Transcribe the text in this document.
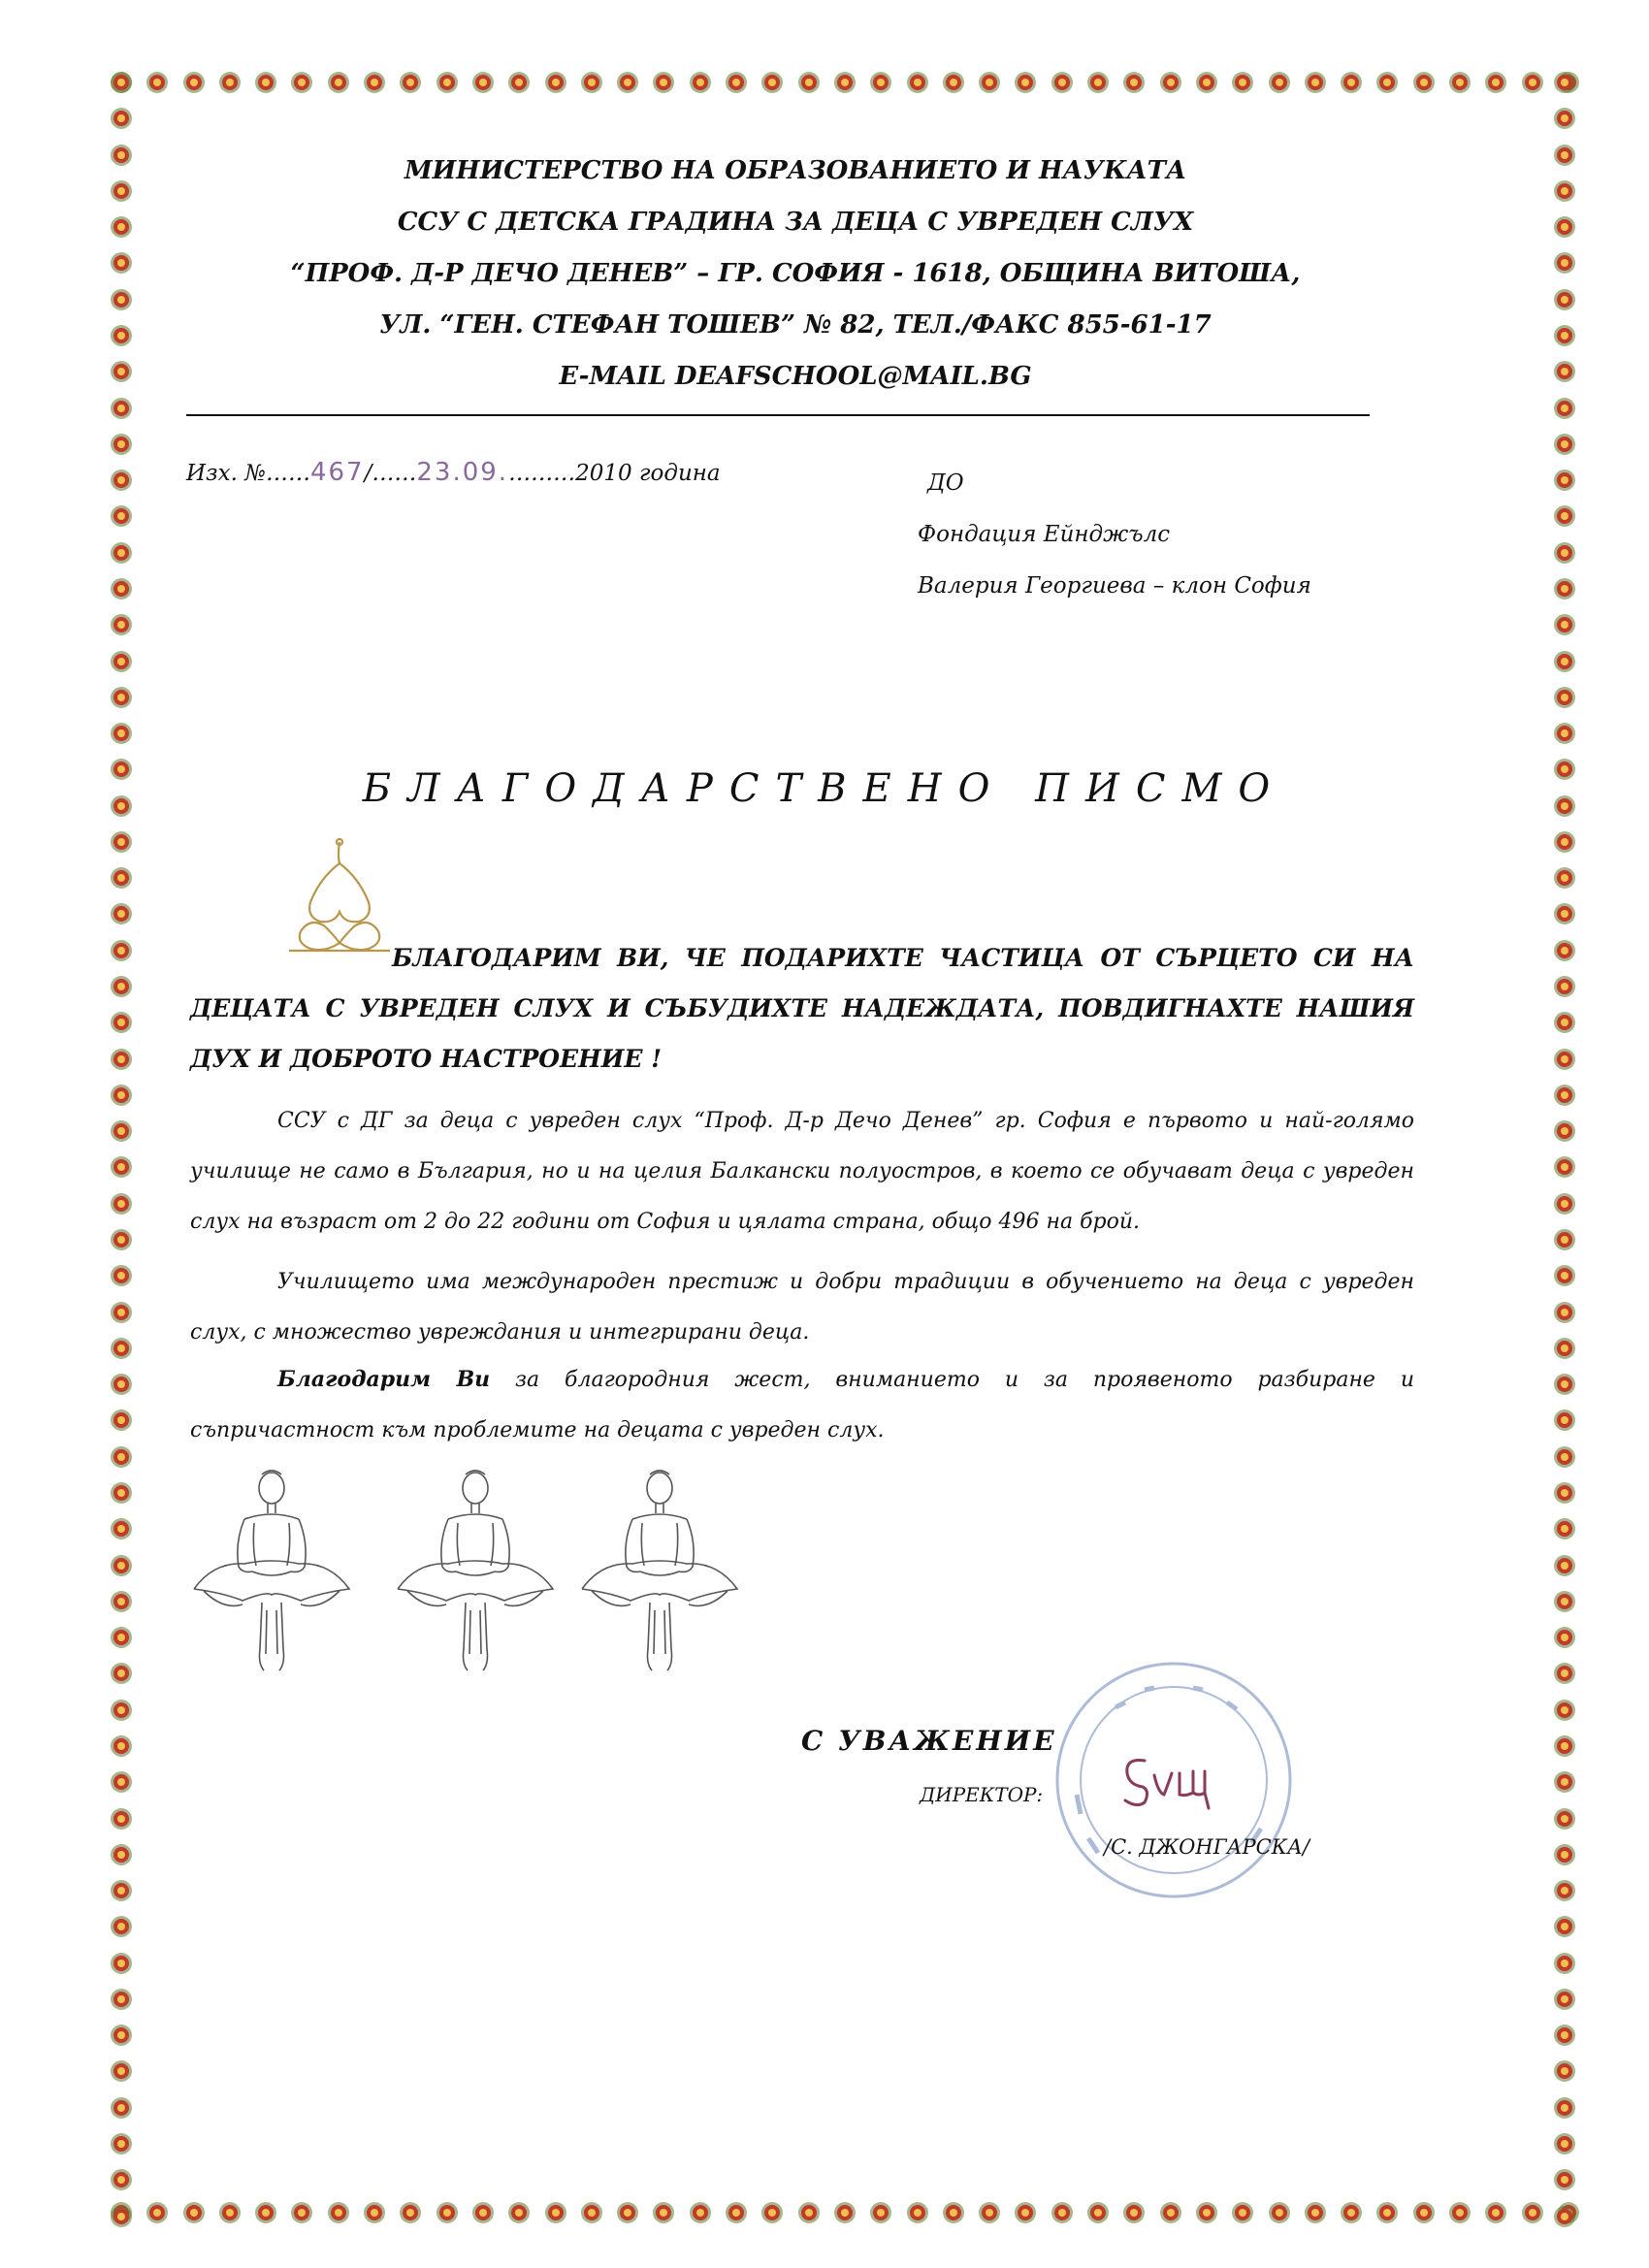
МИНИСТЕРСТВО НА ОБРАЗОВАНИЕТО И НАУКАТА
ССУ С ДЕТСКА ГРАДИНА ЗА ДЕЦА С УВРЕДЕН СЛУХ
“ПРОФ. Д-Р ДЕЧО ДЕНЕВ” – ГР. СОФИЯ - 1618, ОБЩИНА ВИТОША,
УЛ. “ГЕН. СТЕФАН ТОШЕВ” № 82, ТЕЛ./ФАКС 855-61-17
E-MAIL DEAFSCHOOL@MAIL.BG
Изх. №……467/……23.09.………2010 година	ДО
Фондация Ейнджълс
Валерия Георгиева – клон София
БЛАГОДАРСТВЕНО ПИСМО
БЛАГОДАРИМ ВИ, ЧЕ ПОДАРИХТЕ ЧАСТИЦА ОТ СЪРЦЕТО СИ НА ДЕЦАТА С УВРЕДЕН СЛУХ И СЪБУДИХТЕ НАДЕЖДАТА, ПОВДИГНАХТЕ НАШИЯ ДУХ И ДОБРОТО НАСТРОЕНИЕ !
ССУ с ДГ за деца с увреден слух “Проф. Д-р Дечо Денев” гр. София е първото и най-голямо училище не само в България, но и на целия Балкански полуостров, в което се обучават деца с увреден слух на възраст от 2 до 22 години от София и цялата страна, общо 496 на брой.
Училището има международен престиж и добри традиции в обучението на деца с увреден слух, с множество увреждания и интегрирани деца.
Благодарим Ви за благородния жест, вниманието и за проявеното разбиране и съпричастност към проблемите на децата с увреден слух.
С УВАЖЕНИЕ
ДИРЕКТОР:
/С. ДЖОНГАРСКА/
